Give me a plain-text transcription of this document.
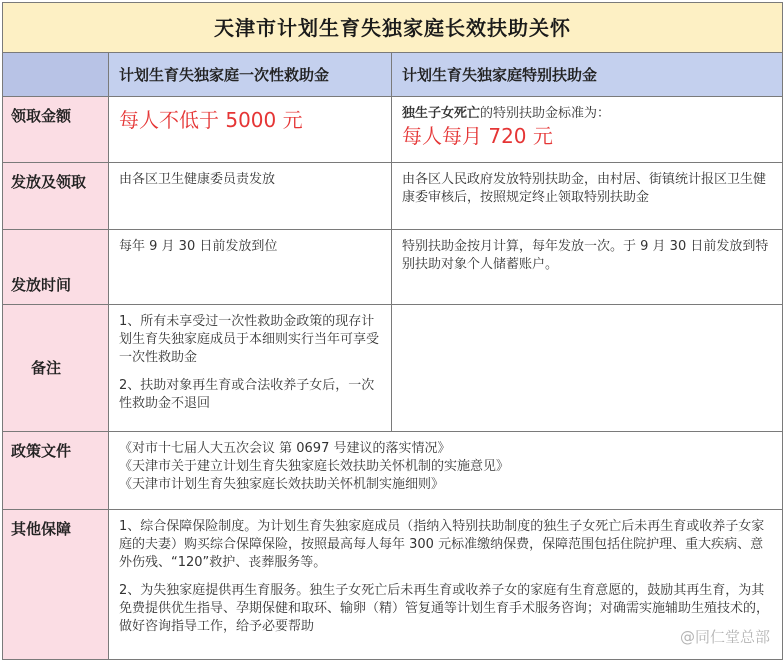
天津市计划生育失独家庭长效扶助关怀		
	计划生育失独家庭一次性救助金	计划生育失独家庭特别扶助金
领取金额	每人不低于 5000 元	独生子女死亡的特别扶助金标准为：
每人每月 720 元

发放及领取	由各区卫生健康委员责发放	由各区人民政府发放特别扶助金，由村居、街镇统计报区卫生健康委审核后，按照规定终止领取特别扶助金
发放时间	每年 9 月 30 日前发放到位	特别扶助金按月计算，每年发放一次。于 9 月 30 日前发放到特别扶助对象个人储蓄账户。
备注	1、所有未享受过一次性救助金政策的现存计划生育失独家庭成员于本细则实行当年可享受一次性救助金
2、扶助对象再生育或合法收养子女后，一次性救助金不退回	

政策文件	《对市十七届人大五次会议 第 0697 号建议的落实情况》
《天津市关于建立计划生育失独家庭长效扶助关怀机制的实施意见》
《天津市计划生育失独家庭长效扶助关怀机制实施细则》	

其他保障	1、综合保障保险制度。为计划生育失独家庭成员（指纳入特别扶助制度的独生子女死亡后未再生育或收养子女家庭的夫妻）购买综合保障保险，按照最高每人每年 300 元标准缴纳保费，保障范围包括住院护理、重大疾病、意外伤残、“120”救护、丧葬服务等。
2、为失独家庭提供再生育服务。独生子女死亡后未再生育或收养子女的家庭有生育意愿的，鼓励其再生育，为其免费提供优生指导、孕期保健和取环、输卵（精）管复通等计划生育手术服务咨询；对确需实施辅助生殖技术的，做好咨询指导工作，给予必要帮助	
@同仁堂总部
